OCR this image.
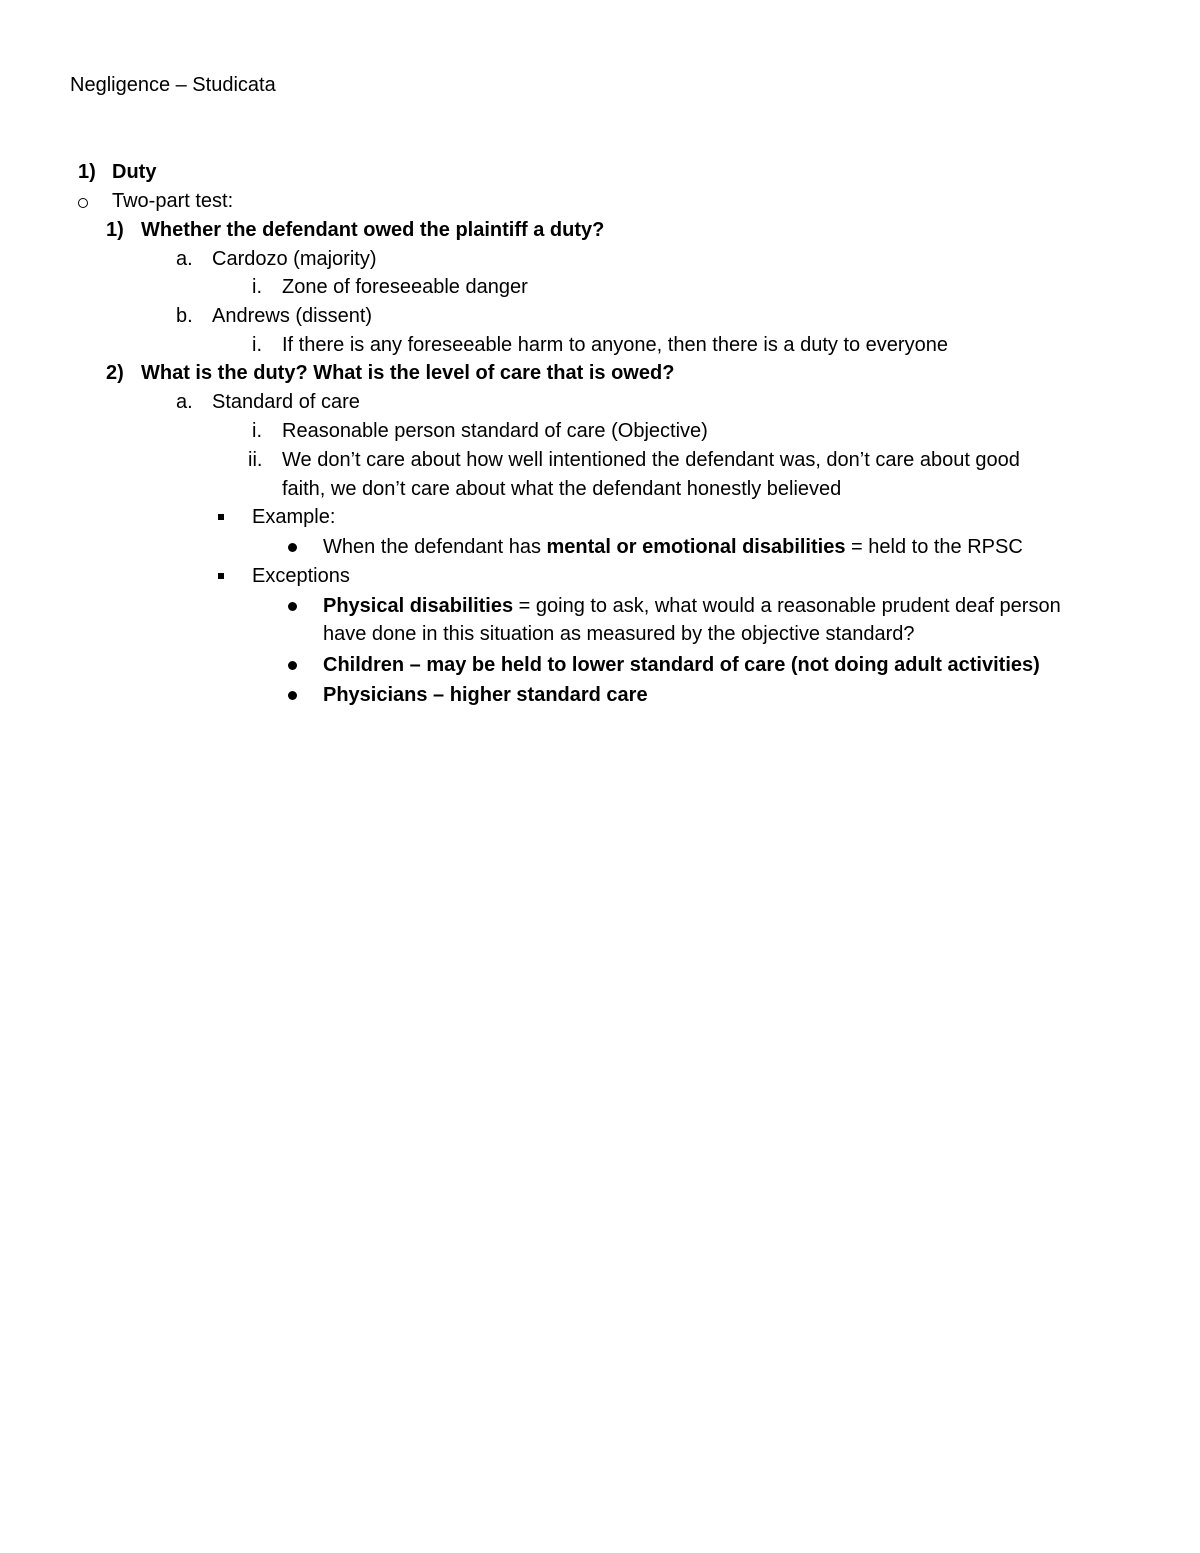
Negligence – Studicata
1) Duty
Two-part test:
1) Whether the defendant owed the plaintiff a duty?
a. Cardozo (majority)
i. Zone of foreseeable danger
b. Andrews (dissent)
i. If there is any foreseeable harm to anyone, then there is a duty to everyone
2) What is the duty? What is the level of care that is owed?
a. Standard of care
i. Reasonable person standard of care (Objective)
ii. We don’t care about how well intentioned the defendant was, don’t care about good
faith, we don’t care about what the defendant honestly believed
Example:
When the defendant has mental or emotional disabilities = held to the RPSC
Exceptions
Physical disabilities = going to ask, what would a reasonable prudent deaf person
have done in this situation as measured by the objective standard?
Children – may be held to lower standard of care (not doing adult activities)
Physicians – higher standard care
